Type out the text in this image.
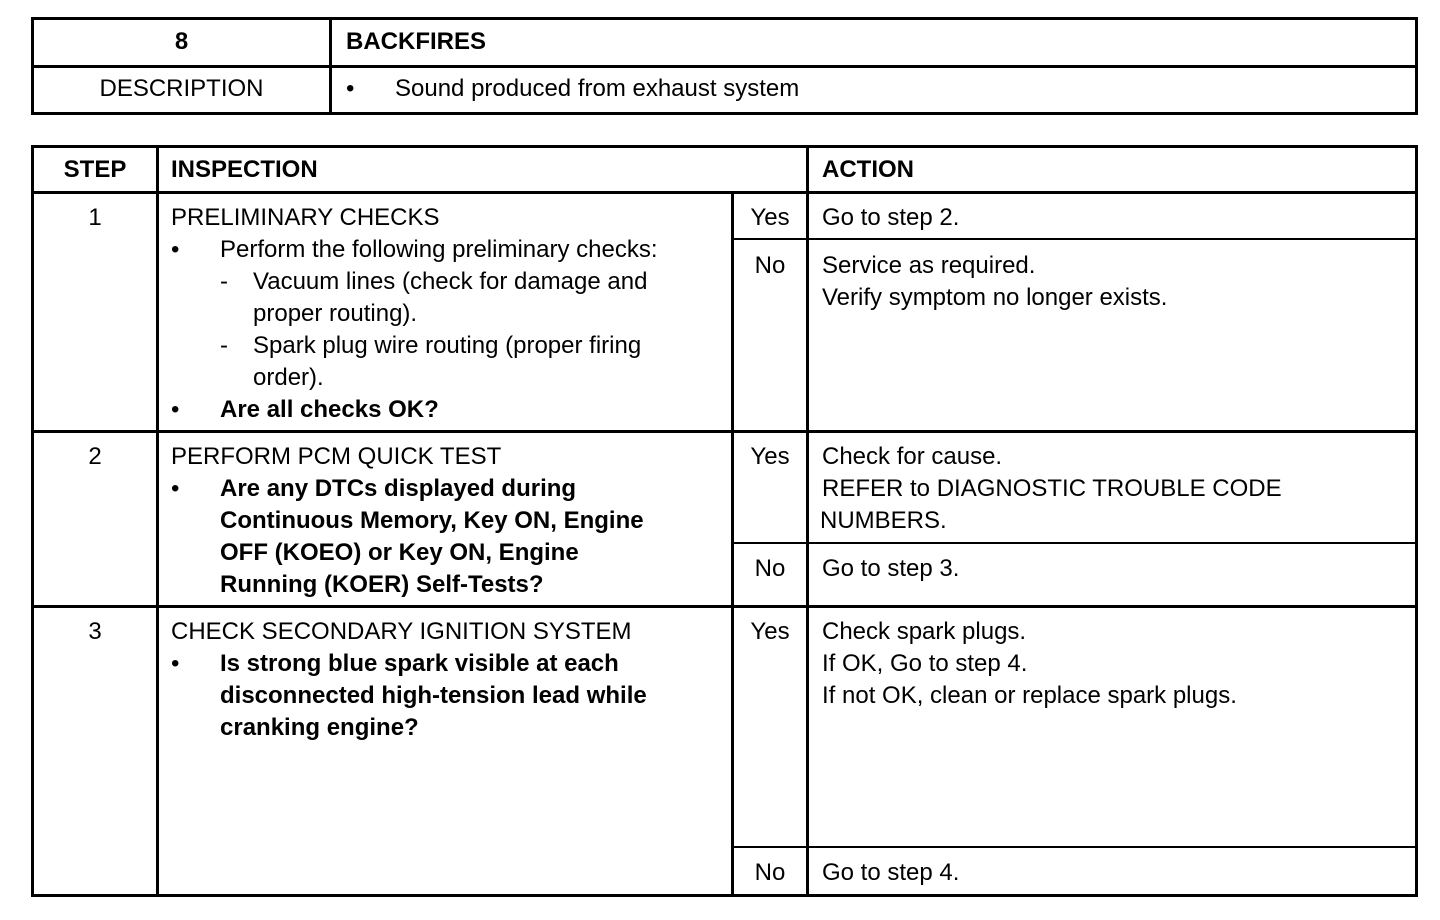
8	BACKFIRES
DESCRIPTION	• Sound produced from exhaust system
STEP	INSPECTION	ACTION
1	PRELIMINARY CHECKS
• Perform the following preliminary checks:
- Vacuum lines (check for damage and
proper routing).
- Spark plug wire routing (proper firing
order).
• Are all checks OK?
Yes	Go to step 2.
No	Service as required.
Verify symptom no longer exists.
2	PERFORM PCM QUICK TEST
• Are any DTCs displayed during
Continuous Memory, Key ON, Engine
OFF (KOEO) or Key ON, Engine
Running (KOER) Self-Tests?
Yes	Check for cause.
REFER to DIAGNOSTIC TROUBLE CODE
NUMBERS.
No	Go to step 3.
3	CHECK SECONDARY IGNITION SYSTEM
• Is strong blue spark visible at each
disconnected high-tension lead while
cranking engine?
Yes	Check spark plugs.
If OK, Go to step 4.
If not OK, clean or replace spark plugs.
No	Go to step 4.
